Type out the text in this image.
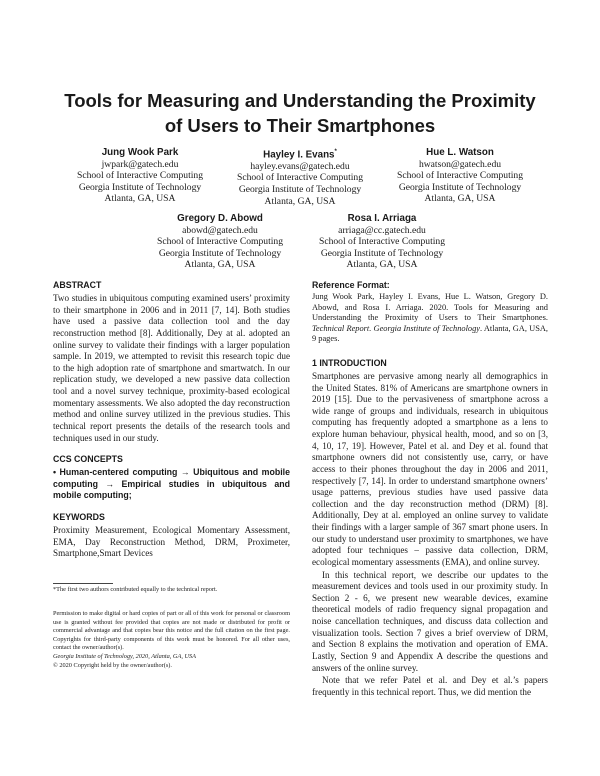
Tools for Measuring and Understanding the Proximity of Users to Their Smartphones
Jung Wook Park
jwpark@gatech.edu
School of Interactive Computing
Georgia Institute of Technology
Atlanta, GA, USA
Hayley I. Evans*
hayley.evans@gatech.edu
School of Interactive Computing
Georgia Institute of Technology
Atlanta, GA, USA
Hue L. Watson
hwatson@gatech.edu
School of Interactive Computing
Georgia Institute of Technology
Atlanta, GA, USA
Gregory D. Abowd
abowd@gatech.edu
School of Interactive Computing
Georgia Institute of Technology
Atlanta, GA, USA
Rosa I. Arriaga
arriaga@cc.gatech.edu
School of Interactive Computing
Georgia Institute of Technology
Atlanta, GA, USA
ABSTRACT
Two studies in ubiquitous computing examined users’ proximity to their smartphone in 2006 and in 2011 [7, 14]. Both studies have used a passive data collection tool and the day reconstruction method [8]. Additionally, Dey at al. adopted an online survey to validate their findings with a larger population sample. In 2019, we attempted to revisit this research topic due to the high adoption rate of smartphone and smartwatch. In our replication study, we developed a new passive data collection tool and a novel survey technique, proximity-based ecological momentary assessments. We also adopted the day reconstruction method and online survey utilized in the previous studies. This technical report presents the details of the research tools and techniques used in our study.
CCS CONCEPTS
• Human-centered computing → Ubiquitous and mobile computing → Empirical studies in ubiquitous and mobile computing;
KEYWORDS
Proximity Measurement, Ecological Momentary Assessment, EMA, Day Reconstruction Method, DRM, Proximeter, Smartphone,Smart Devices
*The first two authors contributed equally to the technical report.
Permission to make digital or hard copies of part or all of this work for personal or classroom use is granted without fee provided that copies are not made or distributed for profit or commercial advantage and that copies bear this notice and the full citation on the first page. Copyrights for third-party components of this work must be honored. For all other uses, contact the owner/author(s).
Georgia Institute of Technology, 2020, Atlanta, GA, USA
© 2020 Copyright held by the owner/author(s).
Reference Format:
Jung Wook Park, Hayley I. Evans, Hue L. Watson, Gregory D. Abowd, and Rosa I. Arriaga. 2020. Tools for Measuring and Understanding the Proximity of Users to Their Smartphones. Technical Report. Georgia Institute of Technology. Atlanta, GA, USA, 9 pages.
1 INTRODUCTION
Smartphones are pervasive among nearly all demographics in the United States. 81% of Americans are smartphone owners in 2019 [15]. Due to the pervasiveness of smartphone across a wide range of groups and individuals, research in ubiquitous computing has frequently adopted a smartphone as a lens to explore human behaviour, physical health, mood, and so on [3, 4, 10, 17, 19]. However, Patel et al. and Dey et al. found that smartphone owners did not consistently use, carry, or have access to their phones throughout the day in 2006 and 2011, respectively [7, 14]. In order to understand smartphone owners’ usage patterns, previous studies have used passive data collection and the day reconstruction method (DRM) [8]. Additionally, Dey at al. employed an online survey to validate their findings with a larger sample of 367 smart phone users. In our study to understand user proximity to smartphones, we have adopted four techniques – passive data collection, DRM, ecological momentary assessments (EMA), and online survey.
In this technical report, we describe our updates to the measurement devices and tools used in our proximity study. In Section 2 - 6, we present new wearable devices, examine theoretical models of radio frequency signal propagation and noise cancellation techniques, and discuss data collection and visualization tools. Section 7 gives a brief overview of DRM, and Section 8 explains the motivation and operation of EMA. Lastly, Section 9 and Appendix A describe the questions and answers of the online survey.
Note that we refer Patel et al. and Dey et al.’s papers frequently in this technical report. Thus, we did mention the
